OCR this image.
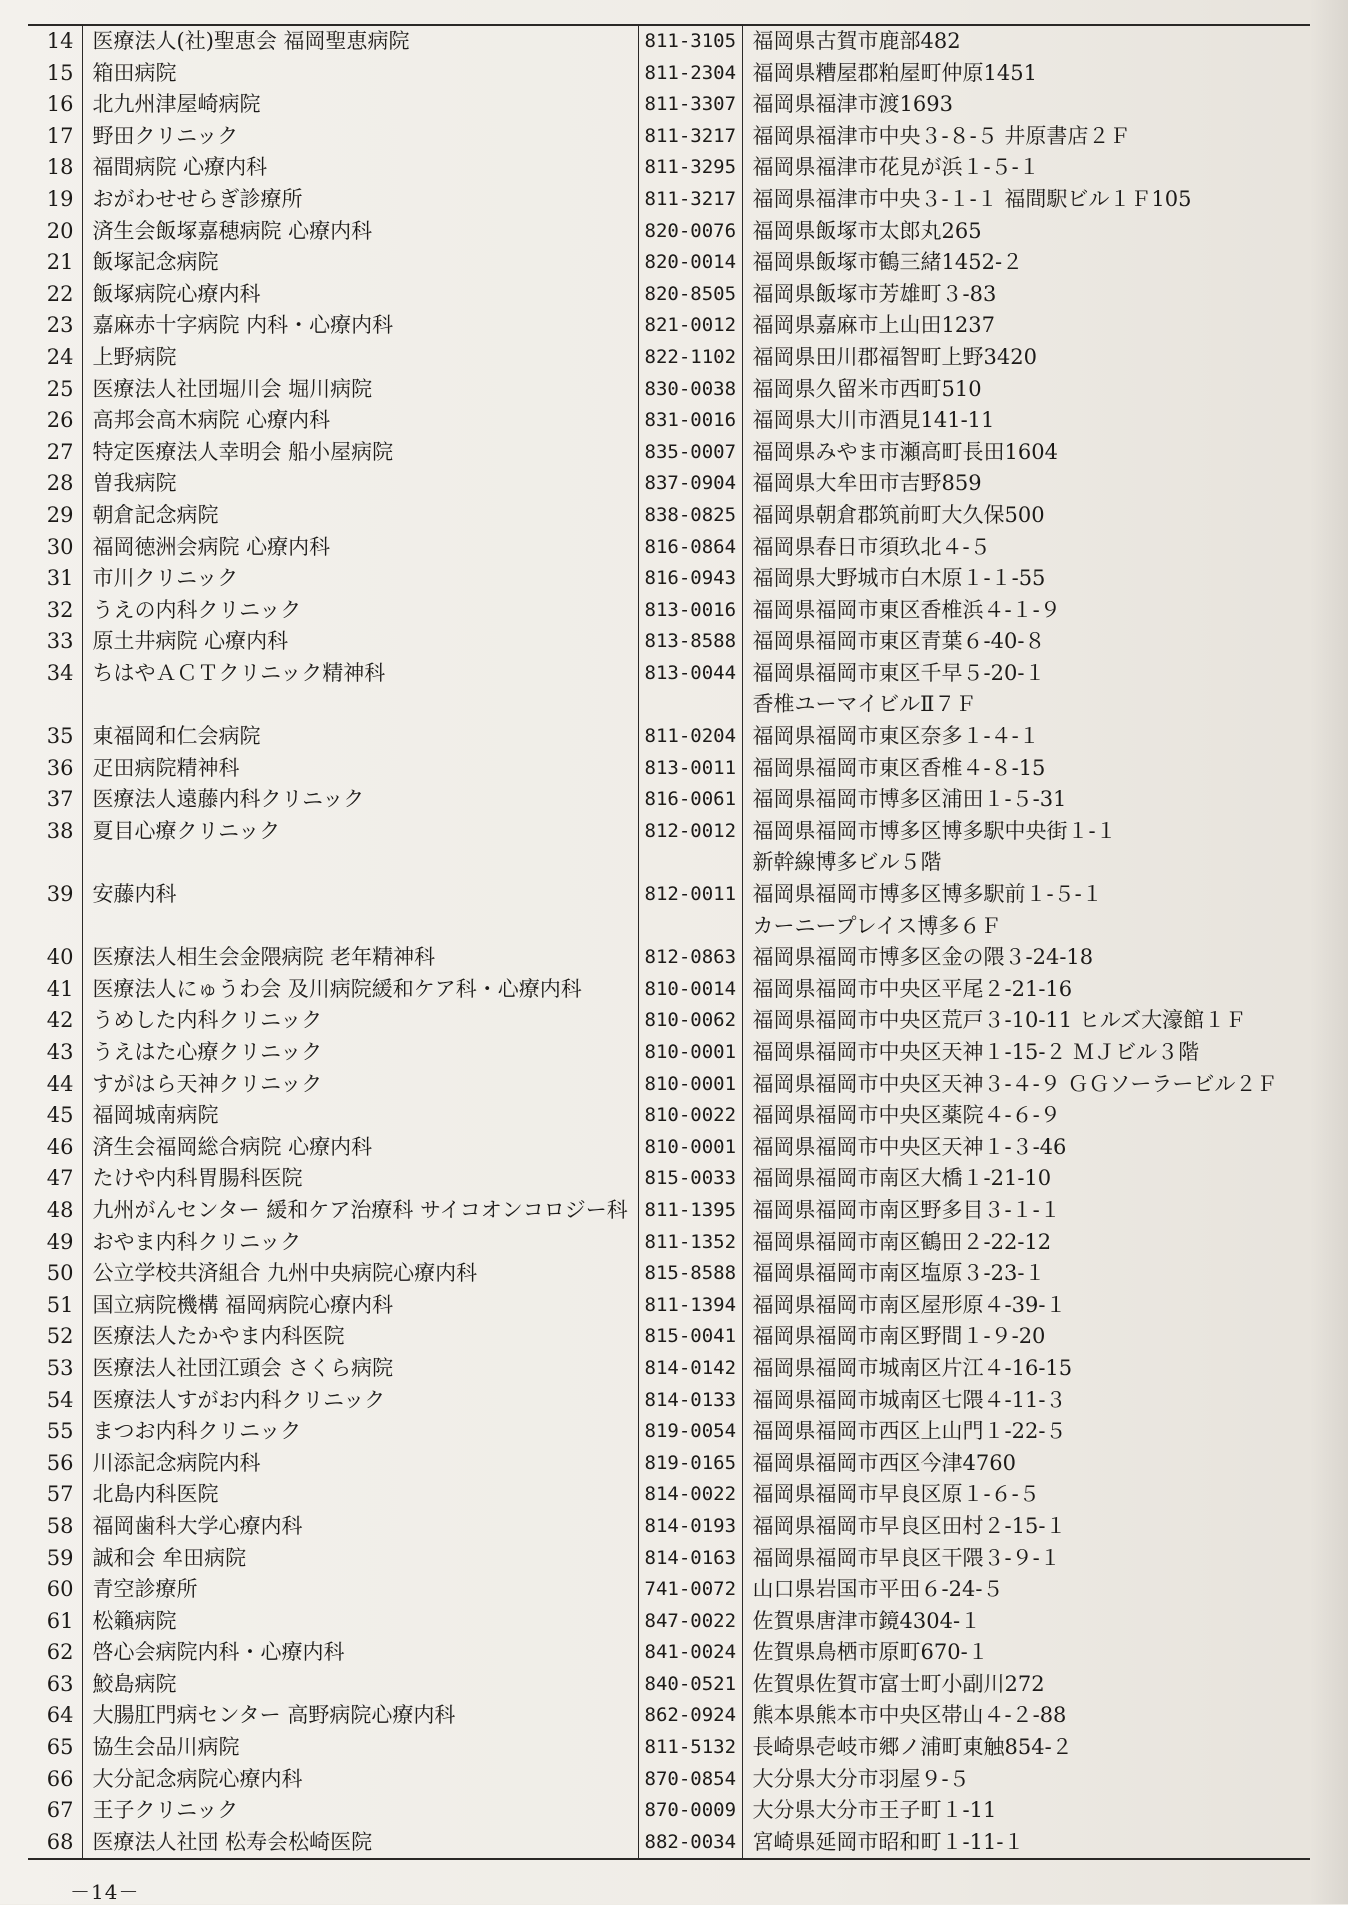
14	医療法人(社)聖恵会 福岡聖恵病院	811-3105	福岡県古賀市鹿部482
15	箱田病院	811-2304	福岡県糟屋郡粕屋町仲原1451
16	北九州津屋崎病院	811-3307	福岡県福津市渡1693
17	野田クリニック	811-3217	福岡県福津市中央３-８-５ 井原書店２Ｆ
18	福間病院 心療内科	811-3295	福岡県福津市花見が浜１-５-１
19	おがわせせらぎ診療所	811-3217	福岡県福津市中央３-１-１ 福間駅ビル１Ｆ105
20	済生会飯塚嘉穂病院 心療内科	820-0076	福岡県飯塚市太郎丸265
21	飯塚記念病院	820-0014	福岡県飯塚市鶴三緒1452-２
22	飯塚病院心療内科	820-8505	福岡県飯塚市芳雄町３-83
23	嘉麻赤十字病院 内科・心療内科	821-0012	福岡県嘉麻市上山田1237
24	上野病院	822-1102	福岡県田川郡福智町上野3420
25	医療法人社団堀川会 堀川病院	830-0038	福岡県久留米市西町510
26	高邦会高木病院 心療内科	831-0016	福岡県大川市酒見141-11
27	特定医療法人幸明会 船小屋病院	835-0007	福岡県みやま市瀬高町長田1604
28	曽我病院	837-0904	福岡県大牟田市吉野859
29	朝倉記念病院	838-0825	福岡県朝倉郡筑前町大久保500
30	福岡徳洲会病院 心療内科	816-0864	福岡県春日市須玖北４-５
31	市川クリニック	816-0943	福岡県大野城市白木原１-１-55
32	うえの内科クリニック	813-0016	福岡県福岡市東区香椎浜４-１-９
33	原土井病院 心療内科	813-8588	福岡県福岡市東区青葉６-40-８
34	ちはやＡＣＴクリニック精神科	813-0044	福岡県福岡市東区千早５-20-１
香椎ユーマイビルⅡ７Ｆ

35	東福岡和仁会病院	811-0204	福岡県福岡市東区奈多１-４-１
36	疋田病院精神科	813-0011	福岡県福岡市東区香椎４-８-15
37	医療法人遠藤内科クリニック	816-0061	福岡県福岡市博多区浦田１-５-31
38	夏目心療クリニック	812-0012	福岡県福岡市博多区博多駅中央街１-１
新幹線博多ビル５階

39	安藤内科	812-0011	福岡県福岡市博多区博多駅前１-５-１
カーニープレイス博多６Ｆ

40	医療法人相生会金隈病院 老年精神科	812-0863	福岡県福岡市博多区金の隈３-24-18
41	医療法人にゅうわ会 及川病院緩和ケア科・心療内科	810-0014	福岡県福岡市中央区平尾２-21-16
42	うめした内科クリニック	810-0062	福岡県福岡市中央区荒戸３-10-11 ヒルズ大濠館１Ｆ
43	うえはた心療クリニック	810-0001	福岡県福岡市中央区天神１-15-２ ＭＪビル３階
44	すがはら天神クリニック	810-0001	福岡県福岡市中央区天神３-４-９ ＧＧソーラービル２Ｆ
45	福岡城南病院	810-0022	福岡県福岡市中央区薬院４-６-９
46	済生会福岡総合病院 心療内科	810-0001	福岡県福岡市中央区天神１-３-46
47	たけや内科胃腸科医院	815-0033	福岡県福岡市南区大橋１-21-10
48	九州がんセンター 緩和ケア治療科 サイコオンコロジー科	811-1395	福岡県福岡市南区野多目３-１-１
49	おやま内科クリニック	811-1352	福岡県福岡市南区鶴田２-22-12
50	公立学校共済組合 九州中央病院心療内科	815-8588	福岡県福岡市南区塩原３-23-１
51	国立病院機構 福岡病院心療内科	811-1394	福岡県福岡市南区屋形原４-39-１
52	医療法人たかやま内科医院	815-0041	福岡県福岡市南区野間１-９-20
53	医療法人社団江頭会 さくら病院	814-0142	福岡県福岡市城南区片江４-16-15
54	医療法人すがお内科クリニック	814-0133	福岡県福岡市城南区七隈４-11-３
55	まつお内科クリニック	819-0054	福岡県福岡市西区上山門１-22-５
56	川添記念病院内科	819-0165	福岡県福岡市西区今津4760
57	北島内科医院	814-0022	福岡県福岡市早良区原１-６-５
58	福岡歯科大学心療内科	814-0193	福岡県福岡市早良区田村２-15-１
59	誠和会 牟田病院	814-0163	福岡県福岡市早良区干隈３-９-１
60	青空診療所	741-0072	山口県岩国市平田６-24-５
61	松籟病院	847-0022	佐賀県唐津市鏡4304-１
62	啓心会病院内科・心療内科	841-0024	佐賀県鳥栖市原町670-１
63	鮫島病院	840-0521	佐賀県佐賀市富士町小副川272
64	大腸肛門病センター 高野病院心療内科	862-0924	熊本県熊本市中央区帯山４-２-88
65	協生会品川病院	811-5132	長崎県壱岐市郷ノ浦町東触854-２
66	大分記念病院心療内科	870-0854	大分県大分市羽屋９-５
67	王子クリニック	870-0009	大分県大分市王子町１-11
68	医療法人社団 松寿会松崎医院	882-0034	宮崎県延岡市昭和町１-11-１
－14－
